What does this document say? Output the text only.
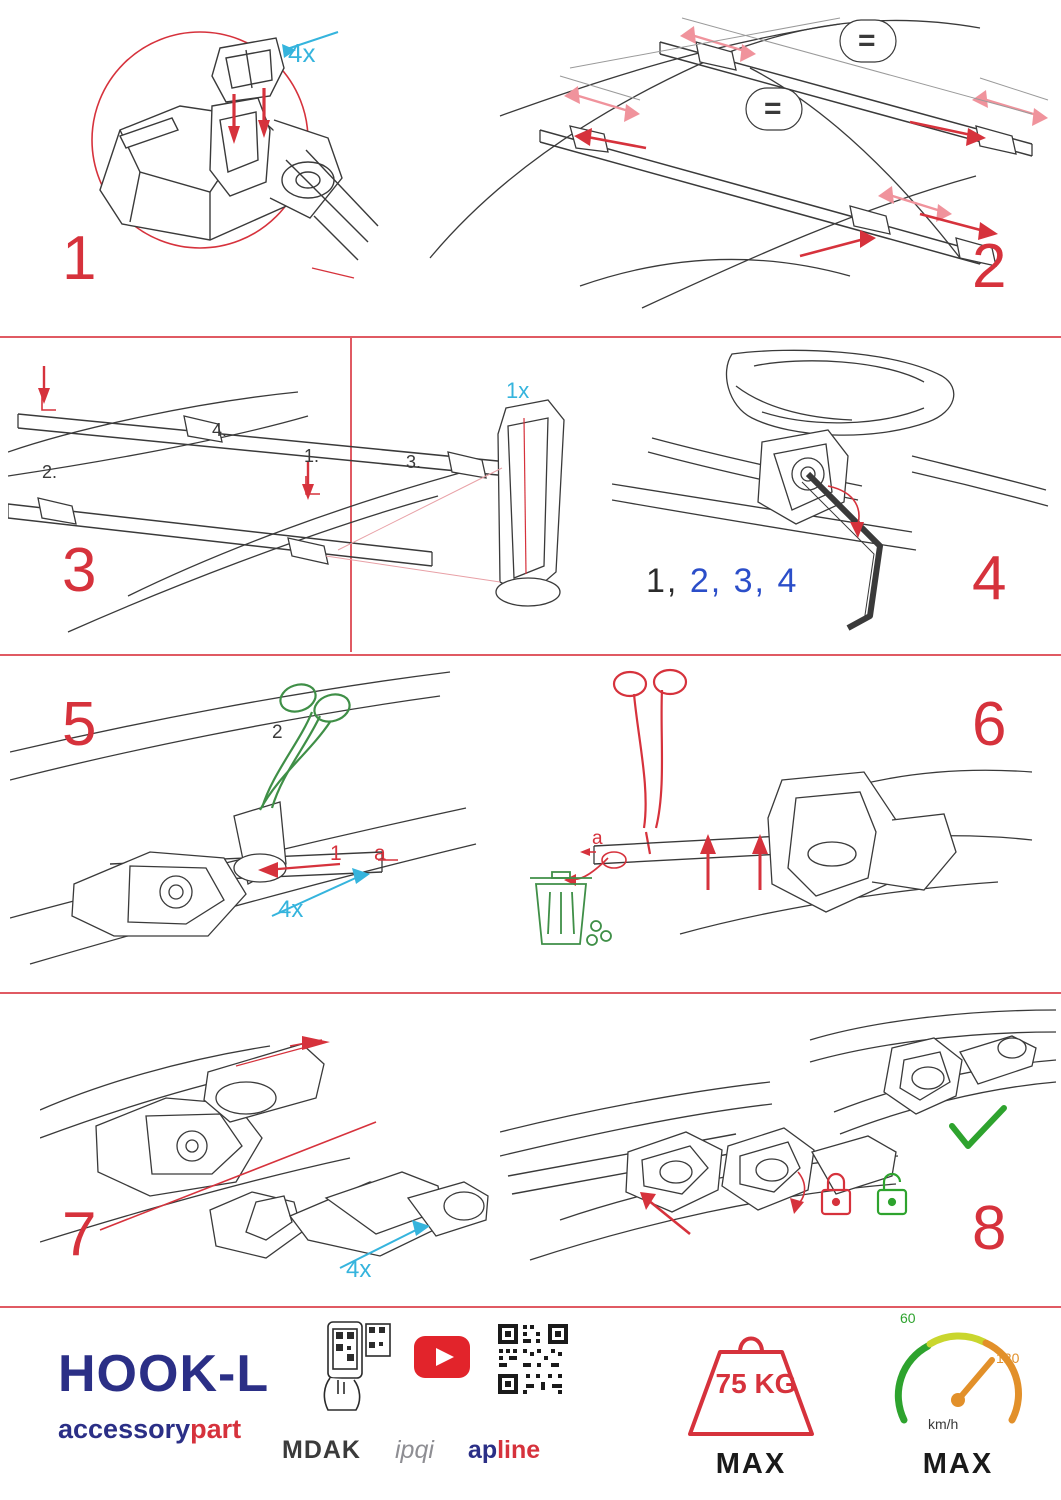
4x
1
=
=
2
2.
4.
1.	3.
1x
3	1, 2, 3, 4	4
5	2
1 a
4x
a
6
4x
7	8
HOOK-L
accessorypart
MDAK ipqi apline
75 KG
MAX
60
120
km/h
MAX
